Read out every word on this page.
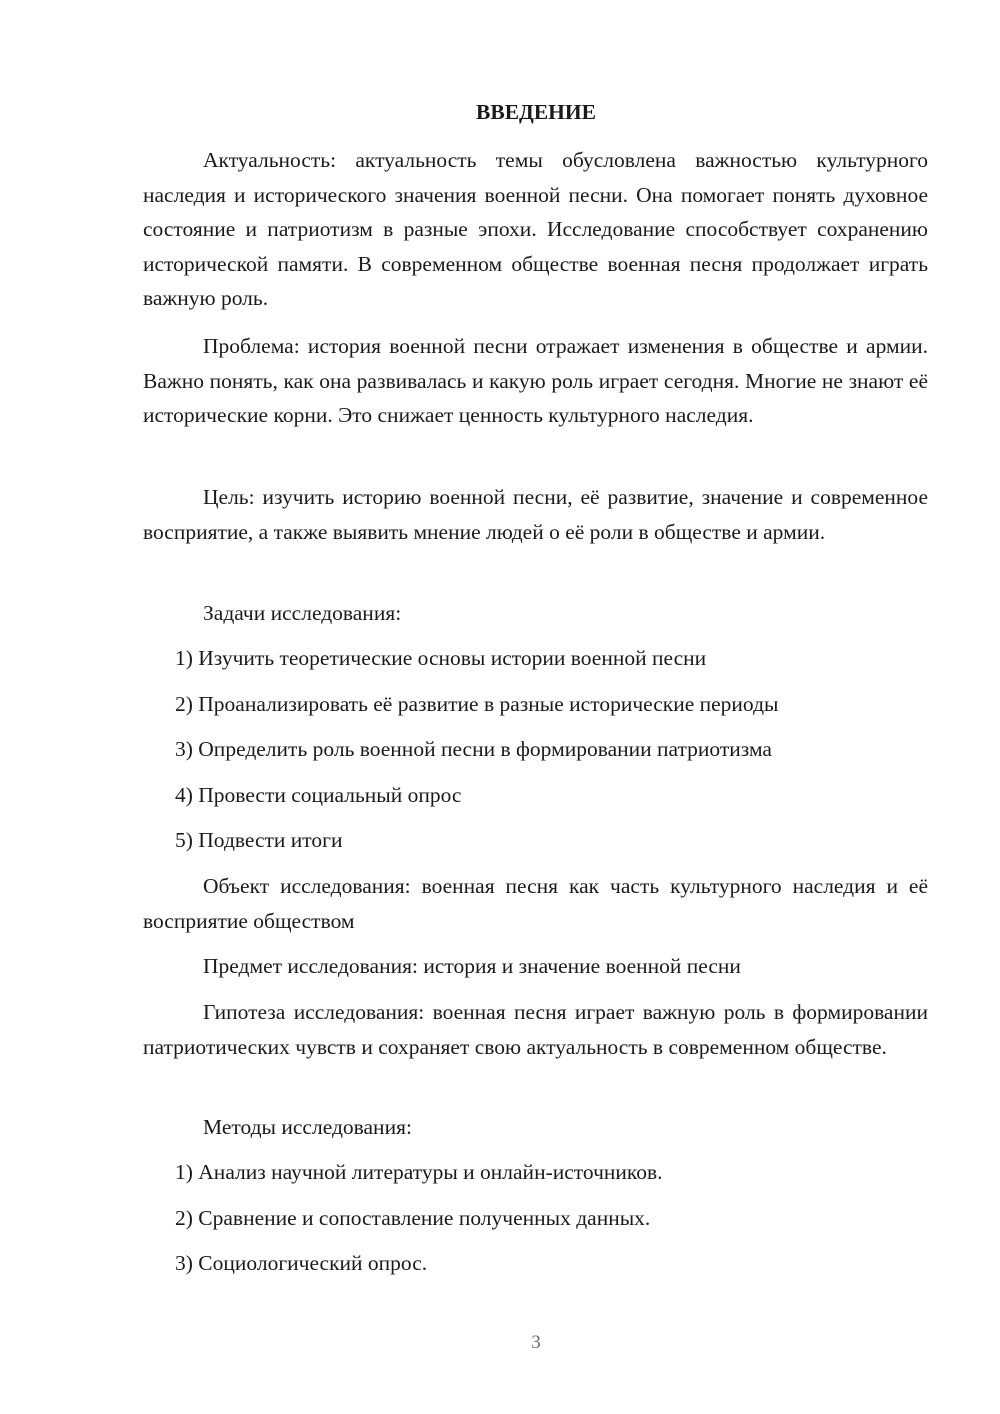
ВВЕДЕНИЕ

Актуальность: актуальность темы обусловлена важностью культурного наследия и исторического значения военной песни. Она помогает понять духовное состояние и патриотизм в разные эпохи. Исследование способствует сохранению исторической памяти. В современном обществе военная песня продолжает играть важную роль.

Проблема: история военной песни отражает изменения в обществе и армии. Важно понять, как она развивалась и какую роль играет сегодня. Многие не знают её исторические корни. Это снижает ценность культурного наследия.

Цель: изучить историю военной песни, её развитие, значение и современное восприятие, а также выявить мнение людей о её роли в обществе и армии.

Задачи исследования:

1) Изучить теоретические основы истории военной песни

2) Проанализировать её развитие в разные исторические периоды

3) Определить роль военной песни в формировании патриотизма

4) Провести социальный опрос

5) Подвести итоги

Объект исследования: военная песня как часть культурного наследия и её восприятие обществом

Предмет исследования: история и значение военной песни

Гипотеза исследования: военная песня играет важную роль в формировании патриотических чувств и сохраняет свою актуальность в современном обществе.

Методы исследования:

1) Анализ научной литературы и онлайн-источников.

2) Сравнение и сопоставление полученных данных.

3) Социологический опрос.

3
